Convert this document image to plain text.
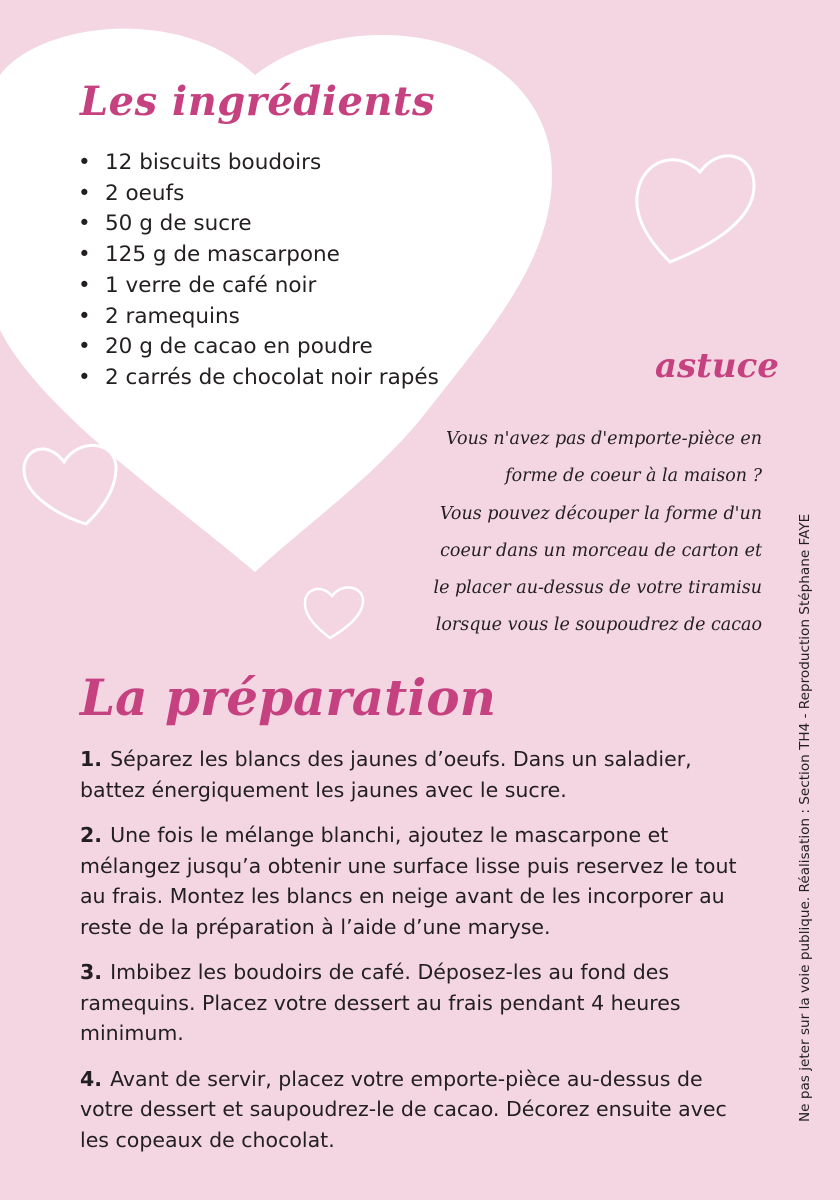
Les ingrédients
• 12 biscuits boudoirs
• 2 oeufs
• 50 g de sucre
• 125 g de mascarpone
• 1 verre de café noir
• 2 ramequins
• 20 g de cacao en poudre
• 2 carrés de chocolat noir rapés	astuce
Vous n'avez pas d'emporte-pièce en
forme de coeur à la maison ?
Vous pouvez découper la forme d'un
coeur dans un morceau de carton et
le placer au-dessus de votre tiramisu
lorsque vous le soupoudrez de cacao
La préparation

1. Séparez les blancs des jaunes d’oeufs. Dans un saladier, battez énergiquement les jaunes avec le sucre.

2. Une fois le mélange blanchi, ajoutez le mascarpone et mélangez jusqu’a obtenir une surface lisse puis reservez le tout au frais. Montez les blancs en neige avant de les incorporer au reste de la préparation à l’aide d’une maryse.

3. Imbibez les boudoirs de café. Déposez-les au fond des ramequins. Placez votre dessert au frais pendant 4 heures minimum.

4. Avant de servir, placez votre emporte-pièce au-dessus de votre dessert et saupoudrez-le de cacao. Décorez ensuite avec les copeaux de chocolat.

Ne pas jeter sur la voie publique. Réalisation : Section TH4 - Reproduction Stéphane FAYE
